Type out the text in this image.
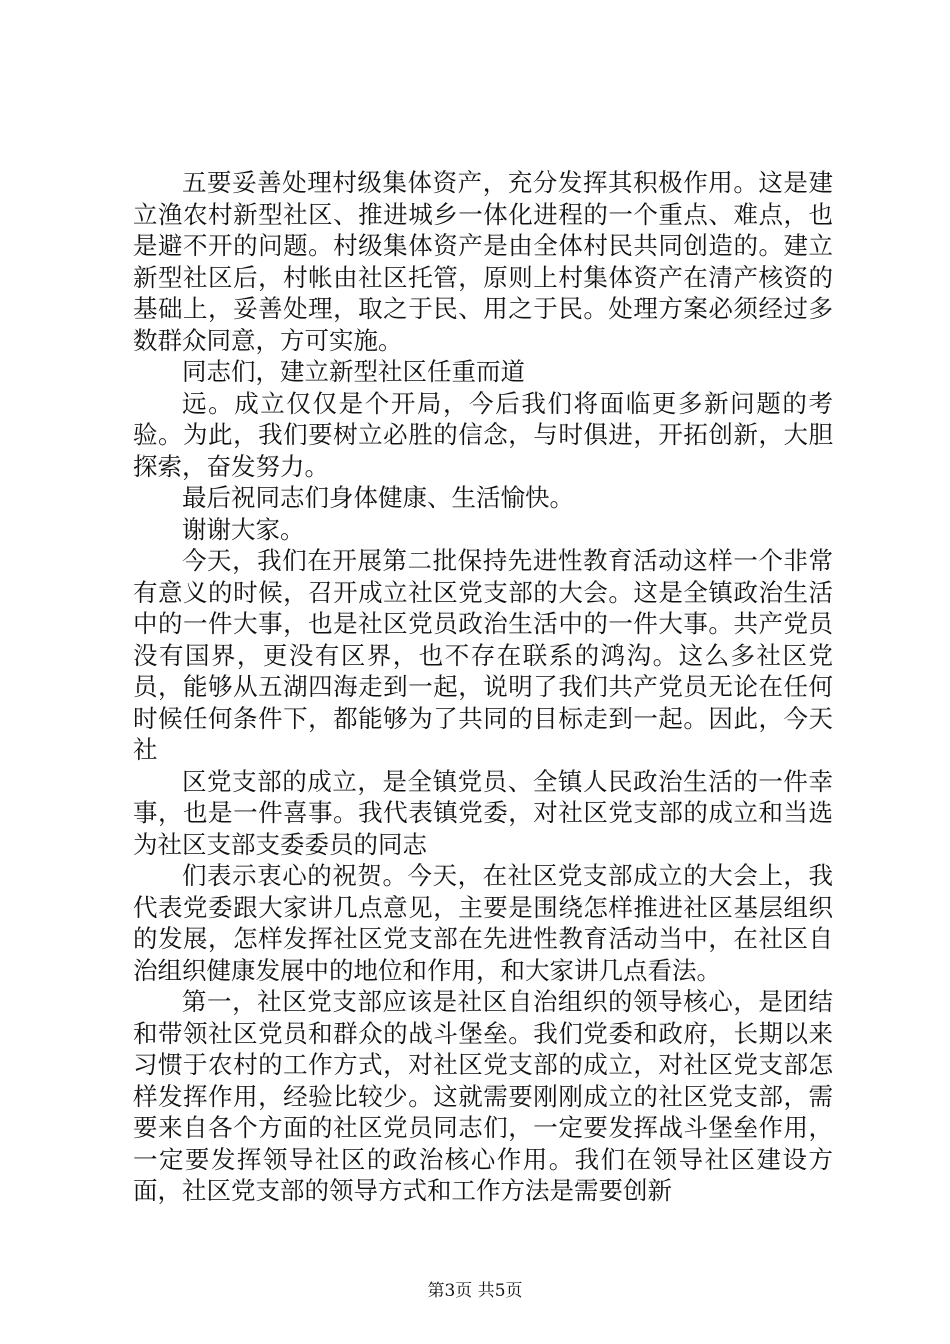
五要妥善处理村级集体资产，充分发挥其积极作用。这是建立渔农村新型社区、推进城乡一体化进程的一个重点、难点，也是避不开的问题。村级集体资产是由全体村民共同创造的。建立新型社区后，村帐由社区托管，原则上村集体资产在清产核资的基础上，妥善处理，取之于民、用之于民。处理方案必须经过多数群众同意，方可实施。

同志们，建立新型社区任重而道

远。成立仅仅是个开局，今后我们将面临更多新问题的考验。为此，我们要树立必胜的信念，与时俱进，开拓创新，大胆探索，奋发努力。

最后祝同志们身体健康、生活愉快。

谢谢大家。

今天，我们在开展第二批保持先进性教育活动这样一个非常有意义的时候，召开成立社区党支部的大会。这是全镇政治生活中的一件大事，也是社区党员政治生活中的一件大事。共产党员没有国界，更没有区界，也不存在联系的鸿沟。这么多社区党员，能够从五湖四海走到一起，说明了我们共产党员无论在任何时候任何条件下，都能够为了共同的目标走到一起。因此，今天社

区党支部的成立，是全镇党员、全镇人民政治生活的一件幸事，也是一件喜事。我代表镇党委，对社区党支部的成立和当选为社区支部支委委员的同志

们表示衷心的祝贺。今天，在社区党支部成立的大会上，我代表党委跟大家讲几点意见，主要是围绕怎样推进社区基层组织的发展，怎样发挥社区党支部在先进性教育活动当中，在社区自治组织健康发展中的地位和作用，和大家讲几点看法。

第一，社区党支部应该是社区自治组织的领导核心，是团结和带领社区党员和群众的战斗堡垒。我们党委和政府，长期以来习惯于农村的工作方式，对社区党支部的成立，对社区党支部怎样发挥作用，经验比较少。这就需要刚刚成立的社区党支部，需要来自各个方面的社区党员同志们，一定要发挥战斗堡垒作用，一定要发挥领导社区的政治核心作用。我们在领导社区建设方面，社区党支部的领导方式和工作方法是需要创新

第3页 共5页
